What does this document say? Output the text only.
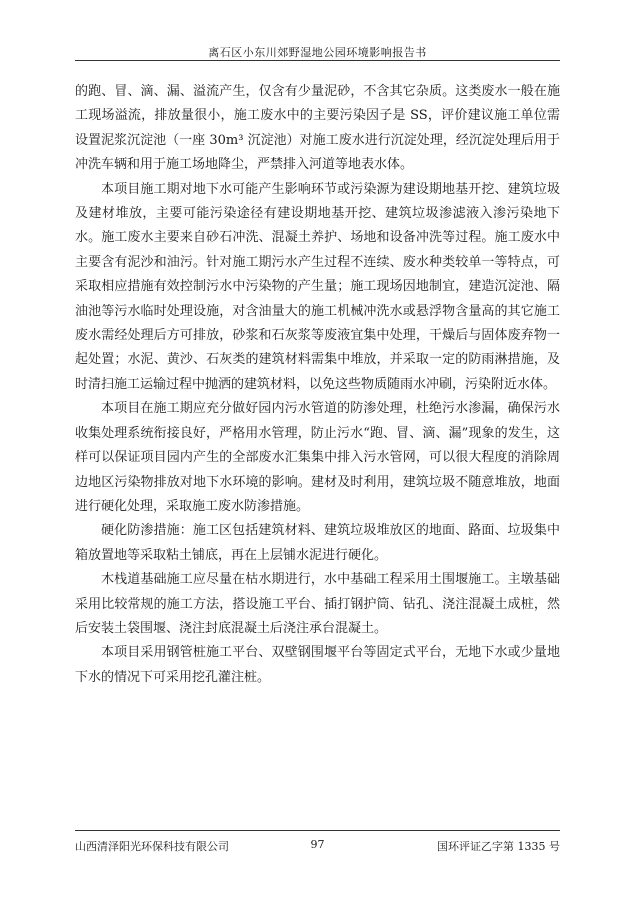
离石区小东川郊野湿地公园环境影响报告书

的跑、冒、滴、漏、溢流产生，仅含有少量泥砂，不含其它杂质。这类废水一般在施工现场溢流，排放量很小，施工废水中的主要污染因子是 SS，评价建议施工单位需设置泥浆沉淀池（一座 30m³ 沉淀池）对施工废水进行沉淀处理，经沉淀处理后用于冲洗车辆和用于施工场地降尘，严禁排入河道等地表水体。

本项目施工期对地下水可能产生影响环节或污染源为建设期地基开挖、建筑垃圾及建材堆放，主要可能污染途径有建设期地基开挖、建筑垃圾渗滤液入渗污染地下水。施工废水主要来自砂石冲洗、混凝土养护、场地和设备冲洗等过程。施工废水中主要含有泥沙和油污。针对施工期污水产生过程不连续、废水种类较单一等特点，可采取相应措施有效控制污水中污染物的产生量；施工现场因地制宜，建造沉淀池、隔油池等污水临时处理设施，对含油量大的施工机械冲洗水或悬浮物含量高的其它施工废水需经处理后方可排放，砂浆和石灰浆等废液宜集中处理，干燥后与固体废弃物一起处置；水泥、黄沙、石灰类的建筑材料需集中堆放，并采取一定的防雨淋措施，及时清扫施工运输过程中抛洒的建筑材料，以免这些物质随雨水冲刷，污染附近水体。

本项目在施工期应充分做好园内污水管道的防渗处理，杜绝污水渗漏，确保污水收集处理系统衔接良好，严格用水管理，防止污水“跑、冒、滴、漏”现象的发生，这样可以保证项目园内产生的全部废水汇集集中排入污水管网，可以很大程度的消除周边地区污染物排放对地下水环境的影响。建材及时利用，建筑垃圾不随意堆放，地面进行硬化处理，采取施工废水防渗措施。

硬化防渗措施：施工区包括建筑材料、建筑垃圾堆放区的地面、路面、垃圾集中箱放置地等采取粘土铺底，再在上层铺水泥进行硬化。

木栈道基础施工应尽量在枯水期进行，水中基础工程采用土围堰施工。主墩基础采用比较常规的施工方法，搭设施工平台、插打钢护筒、钻孔、浇注混凝土成桩，然后安装土袋围堰、浇注封底混凝土后浇注承台混凝土。

本项目采用钢管桩施工平台、双壁钢围堰平台等固定式平台，无地下水或少量地下水的情况下可采用挖孔灌注桩。

山西清泽阳光环保科技有限公司	97	国环评证乙字第 1335 号
